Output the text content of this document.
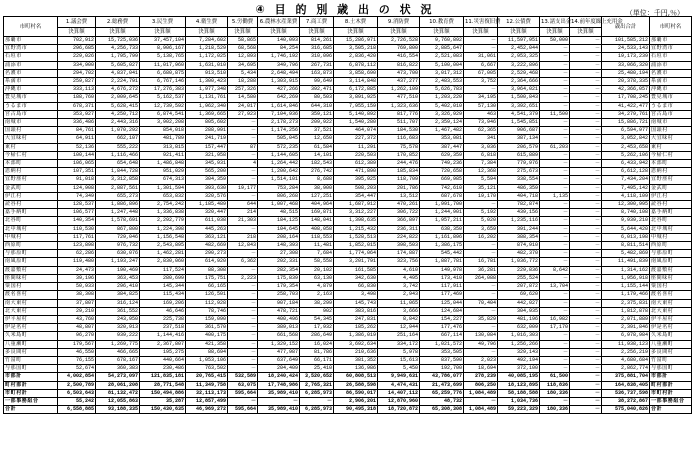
④ 目 的 別 歳 出 の 状 況	（単位：千円,％）
市町村名	1.議会費	2.総務費	3.民生費	4.衛生費	5.労働費	6.農林水産業費	7.商工費	8.土木費	9.消防費	10.教育費	11.災害復旧費	12.公債費	13.諸支出金	14.前年度繰上充用金	歳出合計	市町村名
	決算額	決算額	決算額	決算額	決算額	決算額	決算額	決算額	決算額	決算額	決算額	決算額	決算額	決算額		
那覇市	702,912	15,725,036	37,457,104	7,284,602	58,865	140,093	814,261	15,286,971	2,726,528	9,760,892	－	11,597,951	50,000	－	101,585,212	那覇市
宜野湾市	296,685	4,256,733	8,906,167	1,218,529	68,568	84,254	316,685	3,505,218	769,800	2,885,647	－	2,452,044	－	－	24,533,143	宜野湾市
石垣市	229,026	1,795,799	5,138,765	1,172,025	12,893	1,746,192	310,096	2,836,420	416,554	2,521,083	31,061	2,953,325	－	－	19,173,239	石垣市
浦添市	334,900	5,605,027	11,017,960	1,631,010	34,695	349,796	267,731	6,878,112	816,822	5,100,004	6,667	3,222,896	－	－	33,066,320	浦添市
名護市	294,702	4,837,041	6,680,875	913,510	5,434	2,648,494	163,873	3,858,690	473,700	3,017,312	67,005	2,529,468	－	－	25,480,194	名護市
糸満市	259,827	2,224,791	6,767,146	1,300,423	18,288	1,303,915	99,649	3,114,848	437,277	2,483,553	3,752	2,364,666	－	－	20,378,335	糸満市
沖縄市	333,113	4,676,272	17,276,383	1,977,348	257,326	427,266	392,471	6,172,885	1,262,109	5,626,783	－	3,964,021	－	－	42,366,057	沖縄市
豊見城市	188,760	2,009,645	5,162,537	1,131,761	14,580	642,269	80,503	3,891,925	477,510	1,203,220	34,195	1,500,843	－	－	17,708,245	豊見城市
うるま市	678,371	5,628,415	12,739,592	1,962,340	24,017	1,614,846	644,310	7,955,159	1,323,636	5,402,010	57,130	3,392,651	－	－	41,422,477	うるま市
宮古島市	353,927	4,250,712	6,874,541	1,369,665	27,923	7,104,936	359,121	5,140,892	817,776	3,326,929	463	4,541,379	11,500	－	34,279,761	宮古島市
南城市	336,486	2,443,316	3,902,208	805,602	－	2,178,273	209,922	1,540,280	511,707	2,359,124	73,946	1,545,851	－	－	15,886,721	南城市
国頭村	84,761	1,070,292	854,018	288,991	－	1,174,256	37,521	464,074	184,530	1,467,482	62,365	906,687	－	－	6,594,977	国頭村
大宜味村	64,911	662,107	481,789	241,719	－	505,045	12,650	227,372	116,683	353,081	341	387,134	－	－	3,052,842	大宜味村
東村	52,136	555,222	313,815	157,447	87	572,235	61,584	11,291	75,578	387,447	3,036	206,579	61,203	－	2,453,658	東村
今帰仁村	100,144	1,116,466	921,411	321,958	－	1,144,605	14,101	220,503	170,852	629,359	6,818	615,889	－	－	5,262,106	今帰仁村
本部町	106,065	654,648	1,486,848	345,931	4	1,264,442	182,543	612,389	244,476	749,236	7,384	779,976	－	－	6,433,942	本部町
恩納村	107,351	1,844,728	951,029	565,200	－	1,200,642	276,742	471,890	185,834	720,658	12,368	275,673	－	－	6,612,128	恩納村
宜野座村	91,018	3,312,858	674,313	304,359	－	1,514,101	8,688	395,925	118,709	669,985	5,594	338,554	－	－	7,434,204	宜野座村
金武町	124,908	2,887,561	1,301,594	393,630	19,177	753,284	38,900	508,203	201,786	742,610	35,121	486,359	－	－	7,495,142	金武町
伊江村	74,349	655,273	653,832	320,576	－	806,268	127,251	354,447	13,512	687,678	19,170	404,718	1,135	－	4,118,109	伊江村
読谷村	128,537	1,886,896	2,754,242	1,185,489	644	1,007,468	404,964	1,687,912	470,261	1,991,700	－	782,874	－	－	12,300,995	読谷村
嘉手納町	106,577	1,247,448	1,336,838	320,447	214	48,515	169,871	3,312,227	306,722	1,244,901	5,192	439,156	－	－	8,740,108	嘉手納町
北谷町	140,354	1,578,691	2,292,779	611,038	21,303	184,125	148,041	1,398,635	366,897	1,957,211	5,020	1,235,116	－	－	9,939,210	北谷町
北中城村	110,530	867,800	1,224,398	445,263	－	104,645	408,058	1,215,432	236,311	638,350	3,659	391,244	－	－	5,644,420	北中城村
中城村	117,761	729,046	1,156,548	363,121	218	208,164	118,553	1,528,513	224,822	1,161,896	16,202	388,354	－	－	6,013,198	中城村
西原町	123,898	976,732	2,543,895	482,669	12,843	148,393	11,481	1,852,015	398,503	1,386,175	－	874,910	－	－	8,811,514	西原町
与那原町	62,286	630,076	1,462,281	290,273	－	27,308	7,684	1,774,064	174,887	545,442	－	482,370	－	－	5,482,869	与那原町
南風原町	119,480	1,193,247	2,830,060	614,920	6,362	202,331	58,558	3,201,791	323,756	1,887,781	16,781	1,036,772	－	－	11,491,839	南風原町
渡嘉敷村	24,473	190,469	117,524	88,308	－	282,354	20,102	161,585	4,610	149,978	36,281	229,836	8,642	－	1,314,162	渡嘉敷村
座間味村	39,196	363,453	280,699	175,751	2,223	175,839	63,130	342,630	4,495	173,410	264,088	255,524	－	－	1,956,918	座間味村
粟国村	50,933	296,410	145,344	66,165	－	179,354	4,879	66,830	3,742	117,911	－	207,872	13,704	－	1,155,144	粟国村
渡名喜村	38,308	384,825	115,434	126,501	－	258,703	2,163	3,498	2,943	177,469	－	69,620	－	－	1,179,466	渡名喜村
南大東村	37,807	316,124	169,206	112,928	－	907,184	38,299	145,743	11,065	125,044	70,404	442,027	－	－	2,375,831	南大東村
北大東村	29,210	361,552	46,646	78,746	－	478,721	902	383,816	3,666	124,684	－	304,935	－	－	1,812,878	北大東村
伊平屋村	43,760	243,950	225,738	159,090	－	400,496	54,345	247,831	8,842	154,227	35,829	481,196	16,982	－	2,071,889	伊平屋村
伊是名村	48,807	320,913	237,518	361,570	－	389,013	17,932	185,262	12,944	177,476	－	632,009	17,170	－	2,391,846	伊是名村
久米島町	96,270	939,222	1,144,416	400,175	－	661,568	286,649	1,386,019	251,164	667,114	130,084	1,016,303	－	－	6,978,984	久米島町
八重瀬町	179,567	1,269,775	2,367,807	421,358	－	1,329,152	16,024	3,692,634	334,172	1,021,572	49,796	1,256,266	－	－	11,938,123	八重瀬町
多良間村	46,550	466,665	195,275	88,694	－	477,987	81,786	210,636	5,978	353,505	－	329,143	－	－	2,256,219	多良間村
竹富町	76,155	678,167	440,664	1,053,106	－	637,649	66,171	381,352	15,613	837,590	2,023	492,194	－	－	4,680,684	竹富町
与那国町	52,674	360,383	230,486	763,502	－	204,409	25,410	136,986	5,450	192,700	18,694	372,100	－	－	2,862,774	与那国町
市部計	4,002,854	54,273,097	121,835,181	20,765,415	532,589	18,240,424	3,520,652	60,808,513	9,949,631	43,786,077	278,239	40,085,195	61,500	－	375,881,704	市部計
町村部計	2,500,789	28,061,208	28,771,548	11,349,758	63,075	17,748,986	2,765,321	26,588,598	4,474,431	21,473,699	806,250	18,123,895	118,836	－	164,838,405	町村部計
市町村計	6,503,643	81,132,472	150,494,886	32,113,173	595,664	35,989,410	6,285,973	86,590,017	14,407,112	65,259,776	1,084,489	58,188,588	180,336	－	536,737,598	市町村計
一部事務組合	55,242	12,055,863	35,287	12,857,499	－	－	－	2,906,201	12,870,960	48,732	－	1,034,736	－	－	38,272,867	一部事務組合
合計	6,558,885	93,188,335	150,430,635	46,969,272	595,664	35,989,410	6,285,973	90,495,318	18,720,872	65,308,308	1,084,489	59,223,329	180,336	－	575,040,826	合計
